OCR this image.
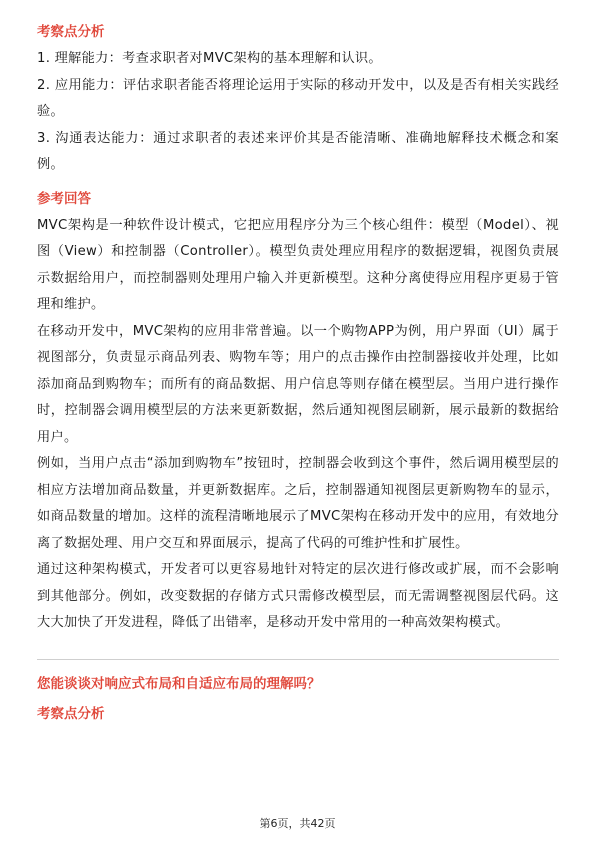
考察点分析

1. 理解能力：考查求职者对MVC架构的基本理解和认识。

2. 应用能力：评估求职者能否将理论运用于实际的移动开发中，以及是否有相关实践经验。

3. 沟通表达能力：通过求职者的表述来评价其是否能清晰、准确地解释技术概念和案例。

参考回答

MVC架构是一种软件设计模式，它把应用程序分为三个核心组件：模型（Model）、视图（View）和控制器（Controller）。模型负责处理应用程序的数据逻辑，视图负责展示数据给用户，而控制器则处理用户输入并更新模型。这种分离使得应用程序更易于管理和维护。

在移动开发中，MVC架构的应用非常普遍。以一个购物APP为例，用户界面（UI）属于视图部分，负责显示商品列表、购物车等；用户的点击操作由控制器接收并处理，比如添加商品到购物车；而所有的商品数据、用户信息等则存储在模型层。当用户进行操作时，控制器会调用模型层的方法来更新数据，然后通知视图层刷新，展示最新的数据给用户。

例如，当用户点击“添加到购物车”按钮时，控制器会收到这个事件，然后调用模型层的相应方法增加商品数量，并更新数据库。之后，控制器通知视图层更新购物车的显示，如商品数量的增加。这样的流程清晰地展示了MVC架构在移动开发中的应用，有效地分离了数据处理、用户交互和界面展示，提高了代码的可维护性和扩展性。

通过这种架构模式，开发者可以更容易地针对特定的层次进行修改或扩展，而不会影响到其他部分。例如，改变数据的存储方式只需修改模型层，而无需调整视图层代码。这大大加快了开发进程，降低了出错率，是移动开发中常用的一种高效架构模式。

您能谈谈对响应式布局和自适应布局的理解吗？
考察点分析
第6页，共42页
